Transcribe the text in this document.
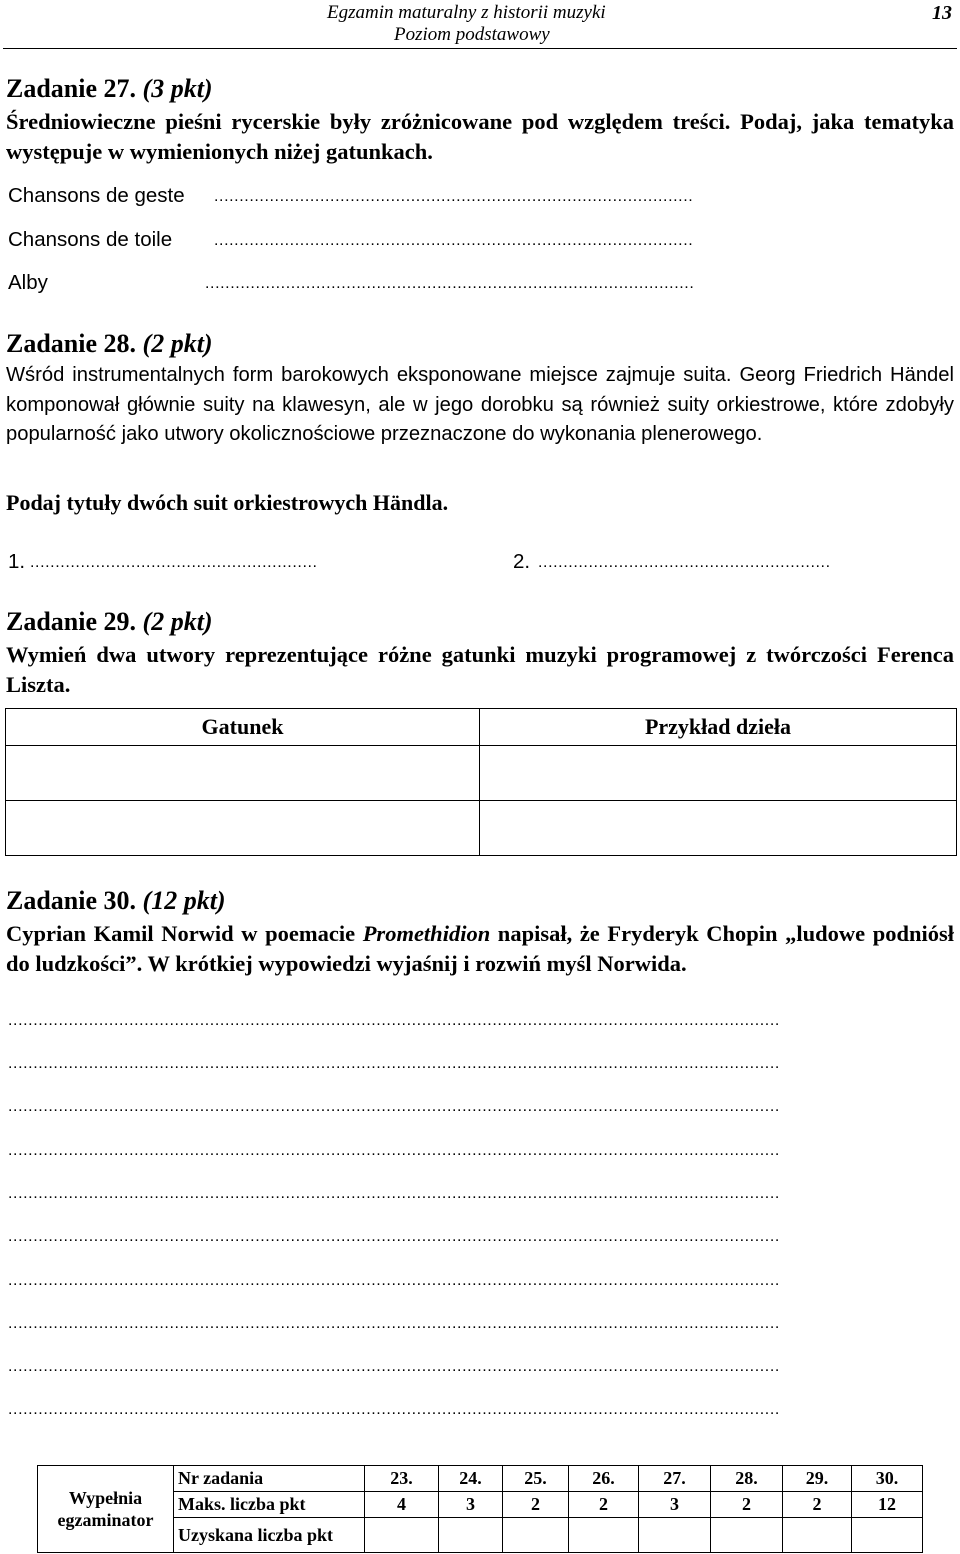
Egzamin maturalny z historii muzyki
Poziom podstawowy
13
Zadanie 27. (3 pkt)
Średniowieczne pieśni rycerskie były zróżnicowane pod względem treści. Podaj, jaka tematyka występuje w wymienionych niżej gatunkach.
Chansons de geste ...............................................................................................
Chansons de toile	...............................................................................................
Alby	.................................................................................................
Zadanie 28. (2 pkt)
Wśród instrumentalnych form barokowych eksponowane miejsce zajmuje suita. Georg Friedrich Händel komponował głównie suity na klawesyn, ale w jego dorobku są również suity orkiestrowe, które zdobyły popularność jako utwory okolicznościowe przeznaczone do wykonania plenerowego.
Podaj tytuły dwóch suit orkiestrowych Händla.
1. .........................................................	2. ..........................................................
Zadanie 29. (2 pkt)
Wymień dwa utwory reprezentujące różne gatunki muzyki programowej z twórczości Ferenca Liszta.
Gatunek	Przykład dzieła

Zadanie 30. (12 pkt)
Cyprian Kamil Norwid w poemacie Promethidion napisał, że Fryderyk Chopin „ludowe podniósł do ludzkości”. W krótkiej wypowiedzi wyjaśnij i rozwiń myśl Norwida.
.........................................................................................................................................................
.........................................................................................................................................................
.........................................................................................................................................................
.........................................................................................................................................................
.........................................................................................................................................................
.........................................................................................................................................................
.........................................................................................................................................................
.........................................................................................................................................................
.........................................................................................................................................................
.........................................................................................................................................................
Wypełnia egzaminator	Nr zadania	23.	24.	25.	26.	27.	28.	29.	30.
	Maks. liczba pkt	4	3	2	2	3	2	2	12
	Uzyskana liczba pkt								
